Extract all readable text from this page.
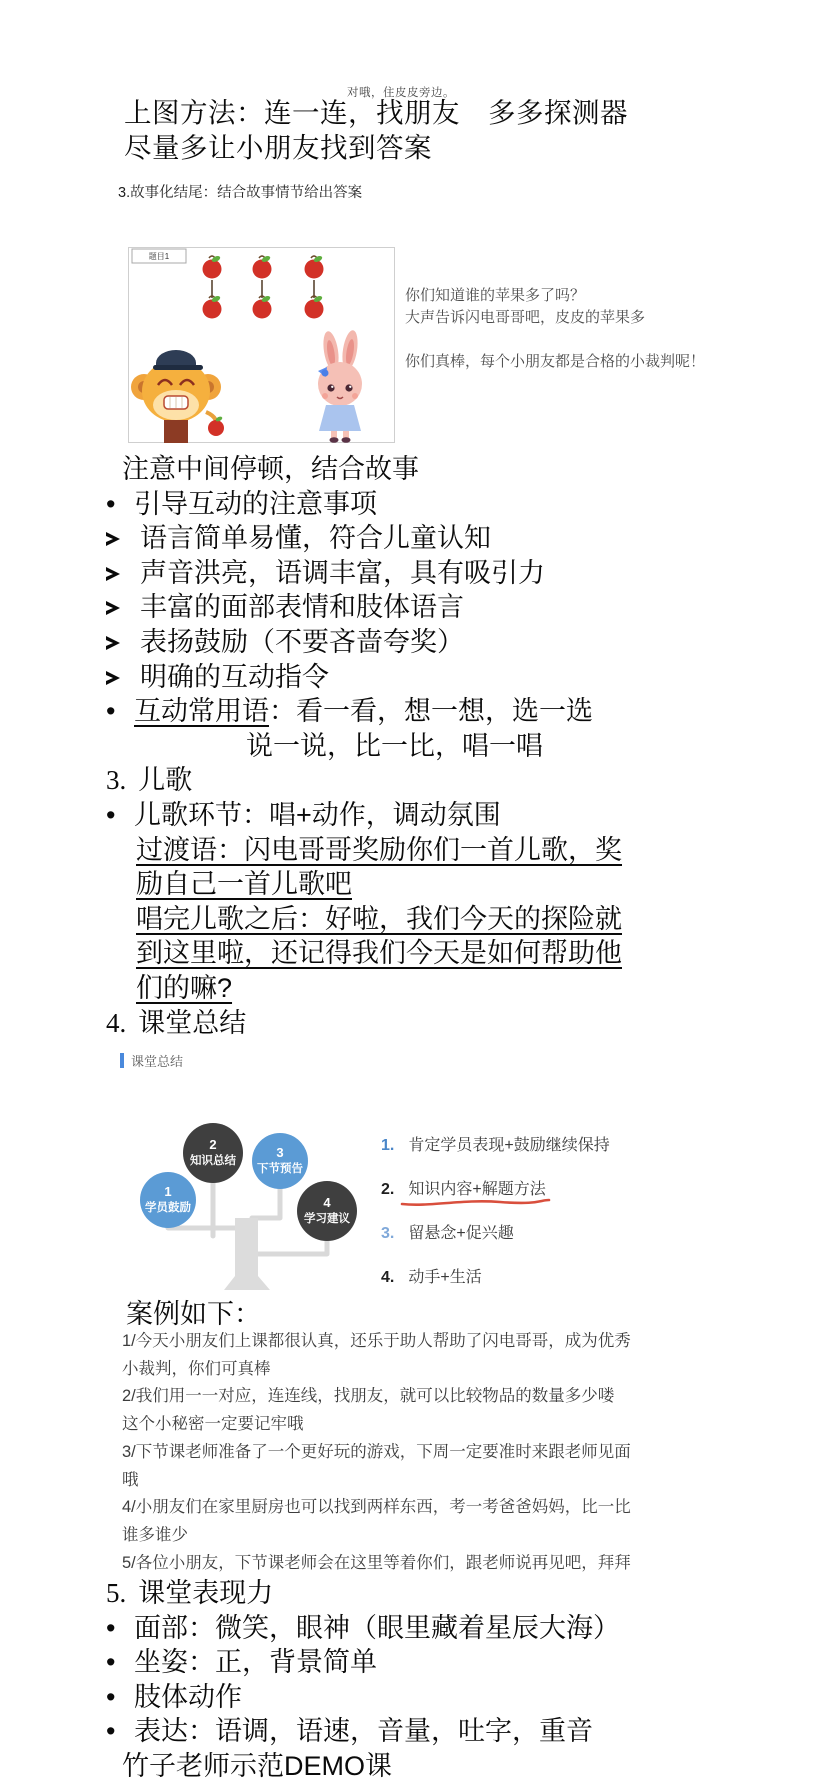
对哦，住皮皮旁边。
上图方法：连一连，找朋友　多多探测器
尽量多让小朋友找到答案
3.故事化结尾：结合故事情节给出答案
题目1
你们知道谁的苹果多了吗？
大声告诉闪电哥哥吧，皮皮的苹果多
你们真棒，每个小朋友都是合格的小裁判呢！
注意中间停顿，结合故事
•引导互动的注意事项
语言简单易懂，符合儿童认知
声音洪亮，语调丰富，具有吸引力
丰富的面部表情和肢体语言
表扬鼓励（不要吝啬夸奖）
明确的互动指令
•互动常用语：看一看，想一想，选一选
说一说，比一比，唱一唱
3. 儿歌
•儿歌环节：唱+动作，调动氛围
过渡语：闪电哥哥奖励你们一首儿歌，奖
励自己一首儿歌吧
唱完儿歌之后：好啦，我们今天的探险就
到这里啦，还记得我们今天是如何帮助他
们的嘛?
4. 课堂总结
课堂总结
1
学员鼓励
2
知识总结
3
下节预告
4
学习建议
1. 肯定学员表现+鼓励继续保持
2. 知识内容+解题方法
3. 留悬念+促兴趣
4. 动手+生活
案例如下：
1/今天小朋友们上课都很认真，还乐于助人帮助了闪电哥哥，成为优秀
小裁判，你们可真棒
2/我们用一一对应，连连线，找朋友，就可以比较物品的数量多少喽
这个小秘密一定要记牢哦
3/下节课老师准备了一个更好玩的游戏，下周一定要准时来跟老师见面
哦
4/小朋友们在家里厨房也可以找到两样东西，考一考爸爸妈妈，比一比
谁多谁少
5/各位小朋友，下节课老师会在这里等着你们，跟老师说再见吧，拜拜
5. 课堂表现力
•面部：微笑，眼神（眼里藏着星辰大海）
•坐姿：正，背景简单
•肢体动作
•表达：语调，语速，音量，吐字，重音
竹子老师示范DEMO课
